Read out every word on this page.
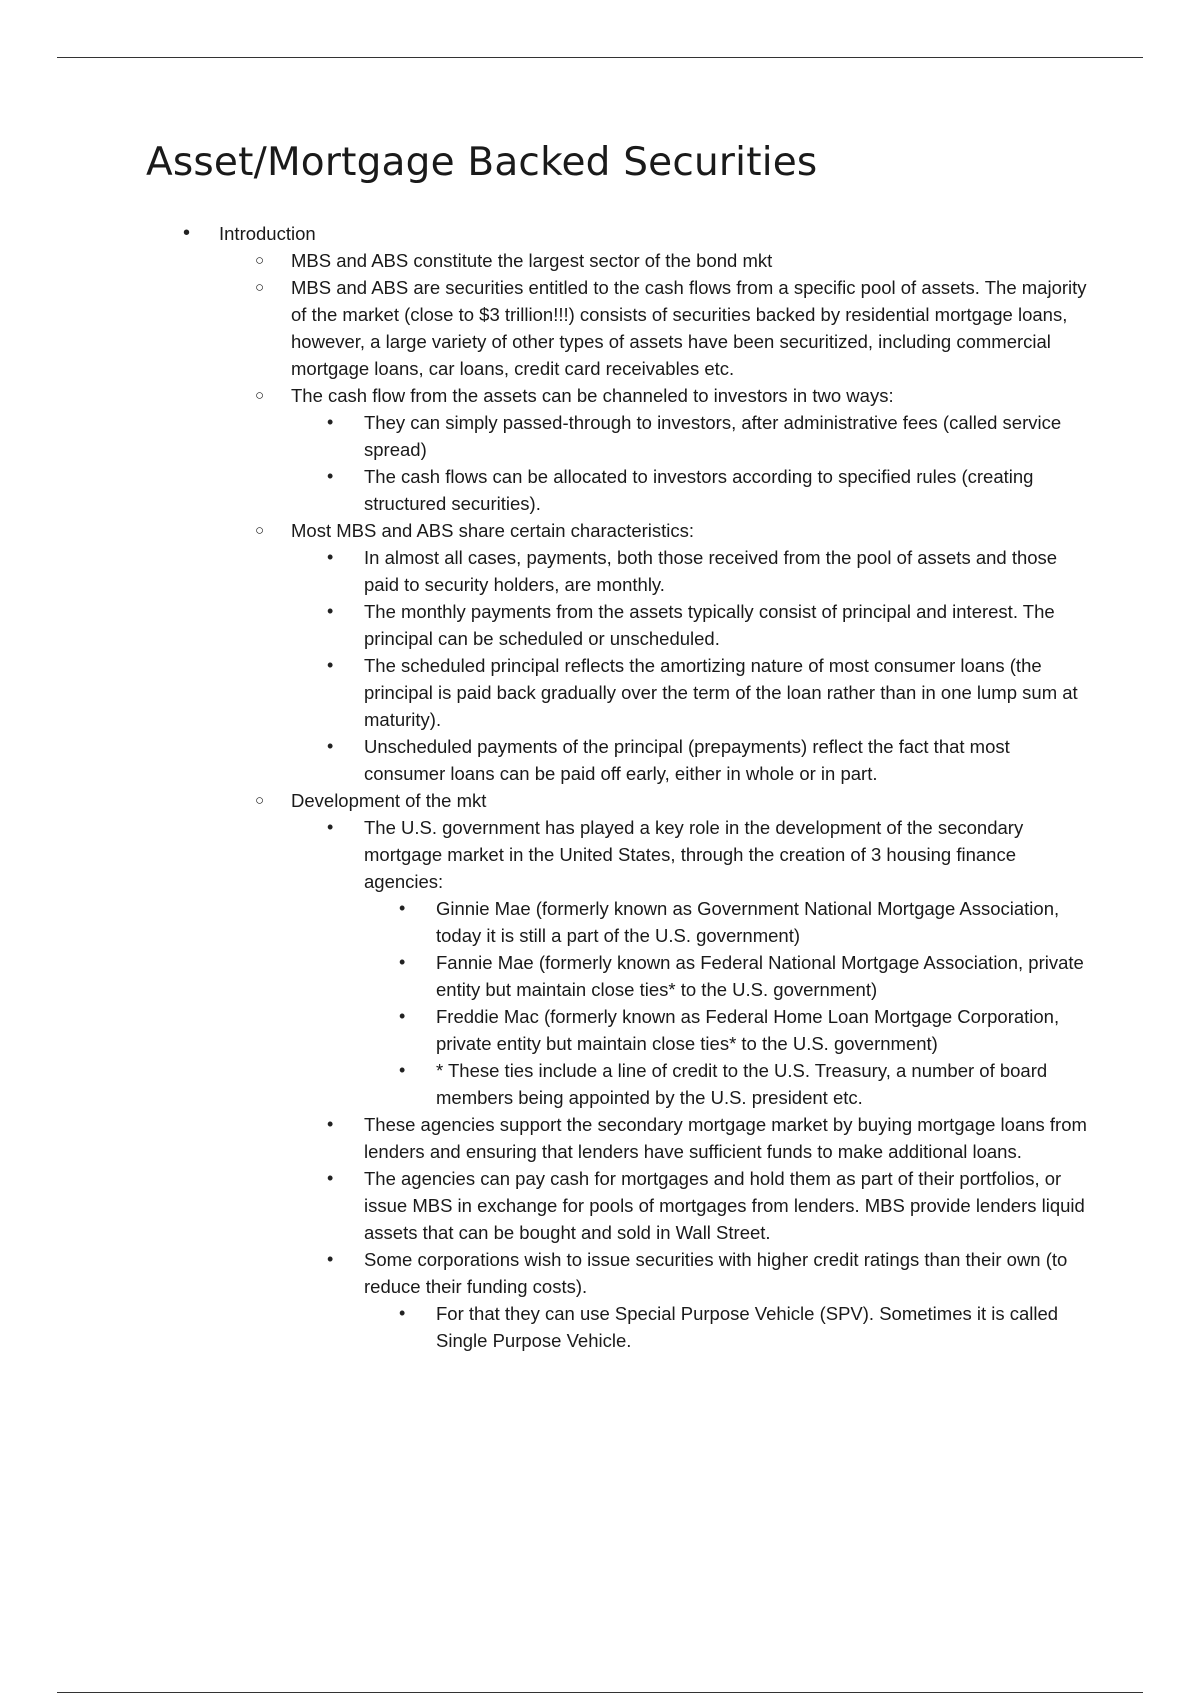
Asset/Mortgage Backed Securities
• Introduction
○ MBS and ABS constitute the largest sector of the bond mkt
○ MBS and ABS are securities entitled to the cash flows from a specific pool of assets. The majority of the market (close to $3 trillion!!!) consists of securities backed by residential mortgage loans, however, a large variety of other types of assets have been securitized, including commercial mortgage loans, car loans, credit card receivables etc.
○ The cash flow from the assets can be channeled to investors in two ways:
• They can simply passed-through to investors, after administrative fees (called service spread)
• The cash flows can be allocated to investors according to specified rules (creating structured securities).
○ Most MBS and ABS share certain characteristics:
• In almost all cases, payments, both those received from the pool of assets and those paid to security holders, are monthly.
• The monthly payments from the assets typically consist of principal and interest. The principal can be scheduled or unscheduled.
• The scheduled principal reflects the amortizing nature of most consumer loans (the principal is paid back gradually over the term of the loan rather than in one lump sum at maturity).
• Unscheduled payments of the principal (prepayments) reflect the fact that most consumer loans can be paid off early, either in whole or in part.
○ Development of the mkt
• The U.S. government has played a key role in the development of the secondary mortgage market in the United States, through the creation of 3 housing finance agencies:
• Ginnie Mae (formerly known as Government National Mortgage Association, today it is still a part of the U.S. government)
• Fannie Mae (formerly known as Federal National Mortgage Association, private entity but maintain close ties* to the U.S. government)
• Freddie Mac (formerly known as Federal Home Loan Mortgage Corporation, private entity but maintain close ties* to the U.S. government)
• * These ties include a line of credit to the U.S. Treasury, a number of board members being appointed by the U.S. president etc.
• These agencies support the secondary mortgage market by buying mortgage loans from lenders and ensuring that lenders have sufficient funds to make additional loans.
• The agencies can pay cash for mortgages and hold them as part of their portfolios, or issue MBS in exchange for pools of mortgages from lenders. MBS provide lenders liquid assets that can be bought and sold in Wall Street.
• Some corporations wish to issue securities with higher credit ratings than their own (to reduce their funding costs).
• For that they can use Special Purpose Vehicle (SPV). Sometimes it is called Single Purpose Vehicle.
